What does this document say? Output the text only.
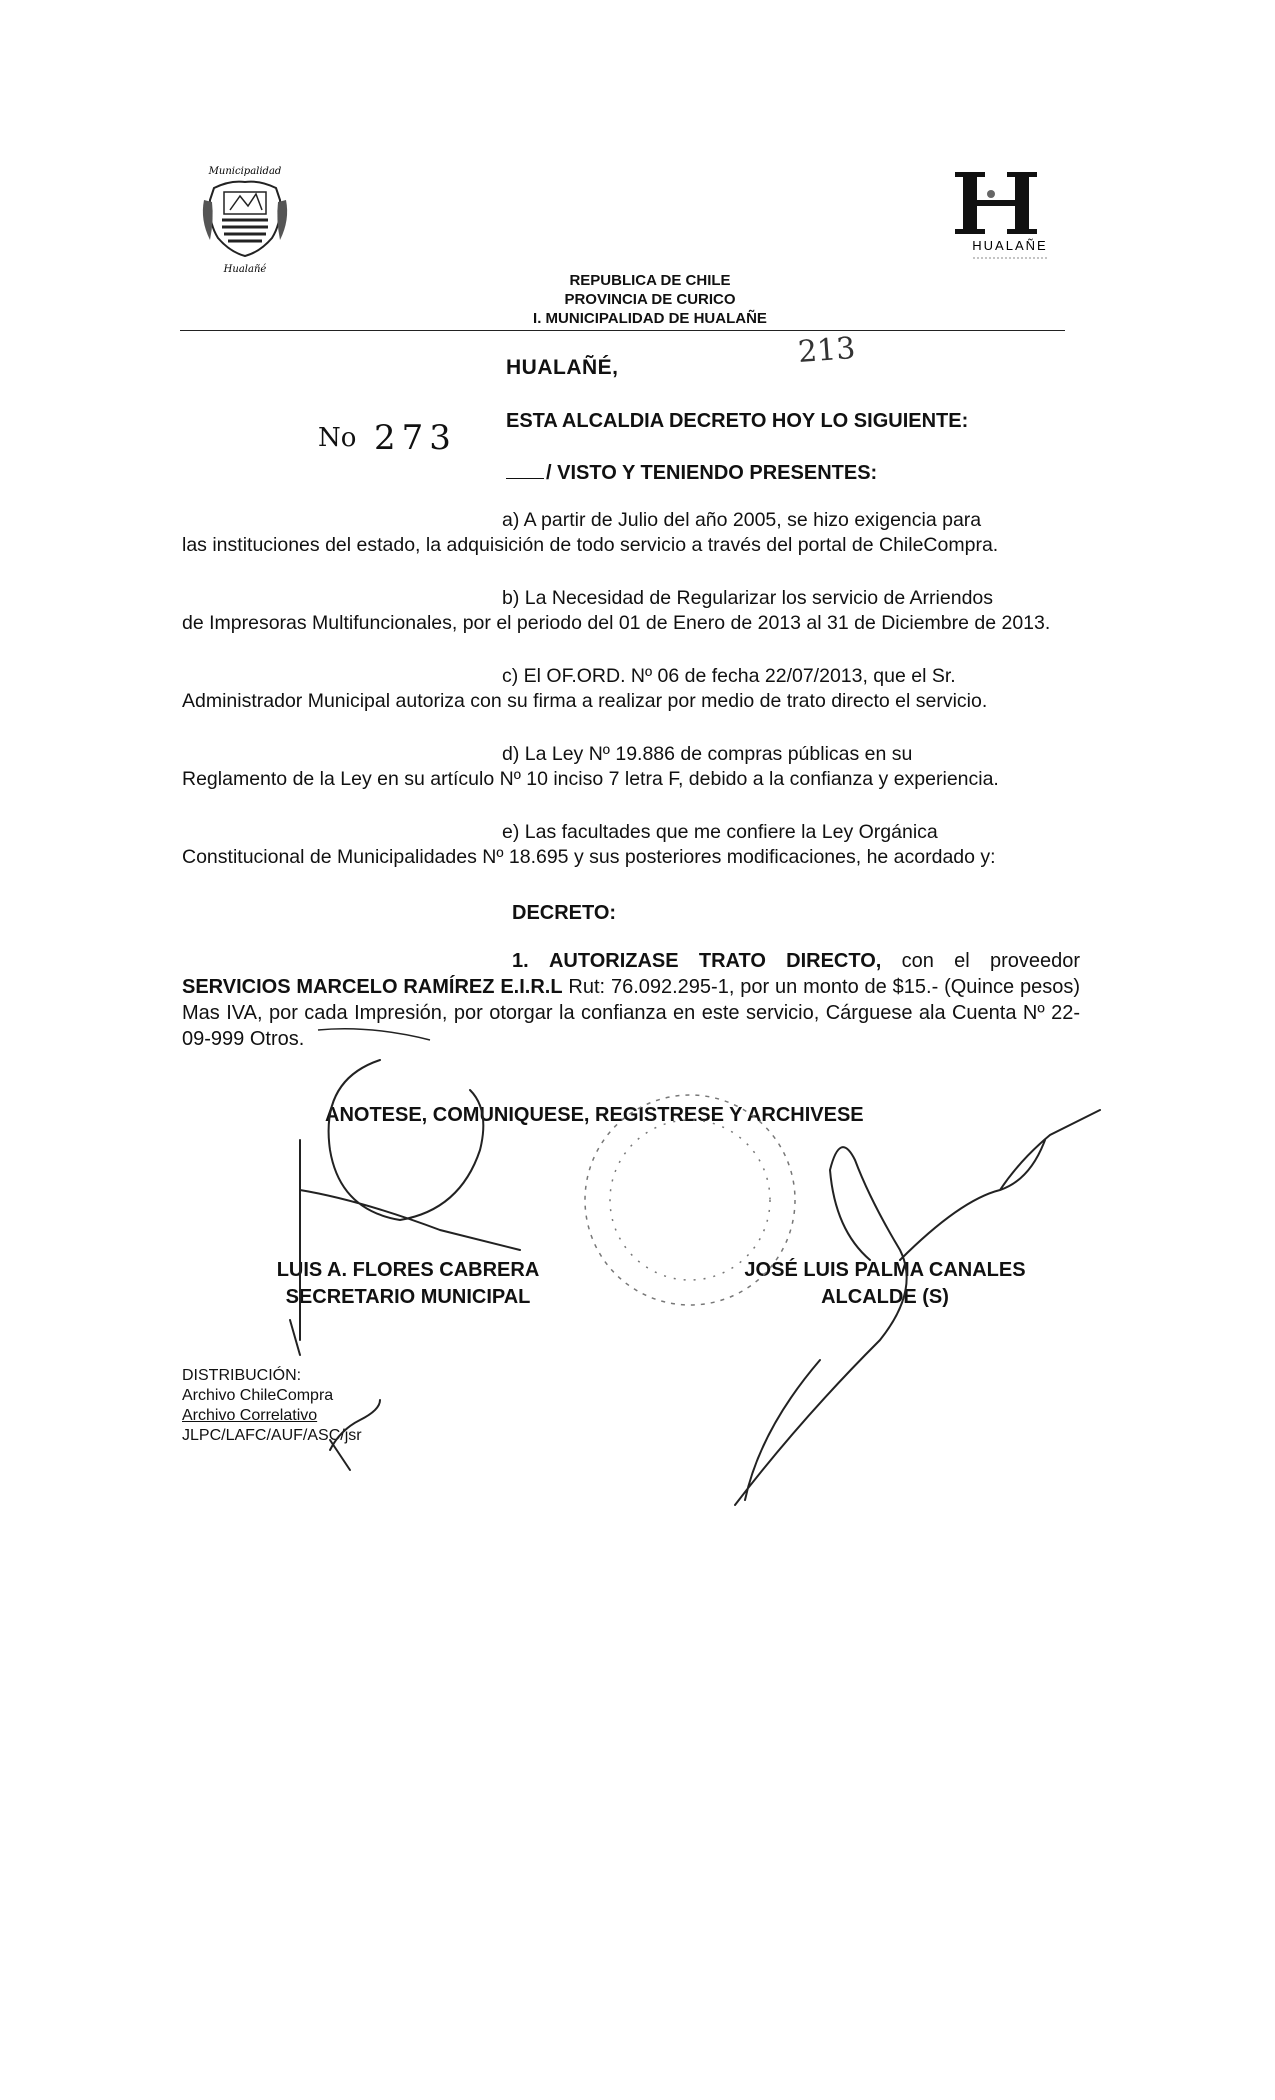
Municipalidad
Hualañé
HUALAÑE
REPUBLICA DE CHILE
PROVINCIA DE CURICO
I. MUNICIPALIDAD DE HUALAÑE
HUALAÑÉ,	213
No 273 ESTA ALCALDIA DECRETO HOY LO SIGUIENTE:
/ VISTO Y TENIENDO PRESENTES:
a) A partir de Julio del año 2005, se hizo exigencia para
las instituciones del estado, la adquisición de todo servicio a través del portal de ChileCompra.
b) La Necesidad de Regularizar los servicio de Arriendos
de Impresoras Multifuncionales, por el periodo del 01 de Enero de 2013 al 31 de Diciembre de 2013.
c) El OF.ORD. Nº 06 de fecha 22/07/2013, que el Sr.
Administrador Municipal autoriza con su firma a realizar por medio de trato directo el servicio.
d) La Ley Nº 19.886 de compras públicas en su
Reglamento de la Ley en su artículo Nº 10 inciso 7 letra F, debido a la confianza y experiencia.
e) Las facultades que me confiere la Ley Orgánica
Constitucional de Municipalidades Nº 18.695 y sus posteriores modificaciones, he acordado y:
DECRETO:
1. AUTORIZASE TRATO DIRECTO, con el proveedor SERVICIOS MARCELO RAMÍREZ E.I.R.L Rut: 76.092.295-1, por un monto de $15.- (Quince pesos) Mas IVA, por cada Impresión, por otorgar la confianza en este servicio, Cárguese ala Cuenta Nº 22-09-999 Otros.
ANOTESE, COMUNIQUESE, REGISTRESE Y ARCHIVESE
LUIS A. FLORES CABRERA
SECRETARIO MUNICIPAL
JOSÉ LUIS PALMA CANALES
ALCALDE (S)
DISTRIBUCIÓN:
Archivo ChileCompra
Archivo Correlativo
JLPC/LAFC/AUF/ASC/jsr
